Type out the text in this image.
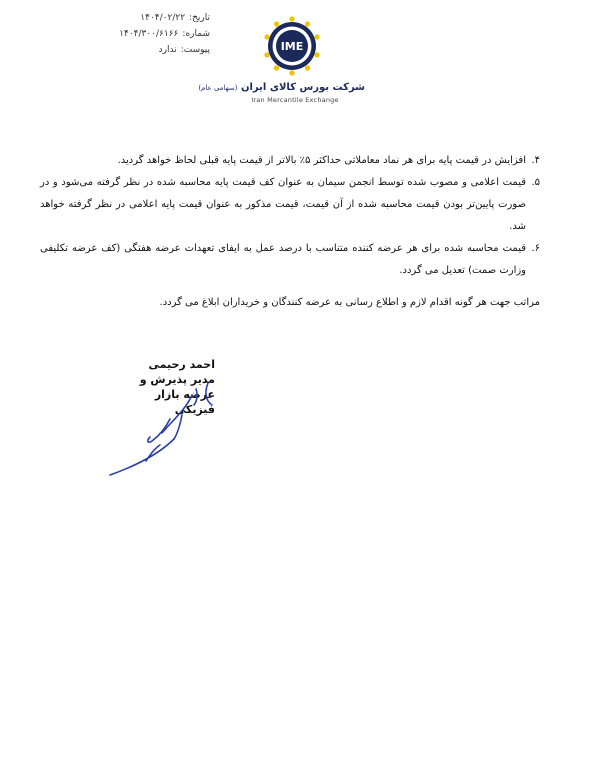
تاریخ:۱۴۰۴/۰۲/۲۲
شماره:۱۴۰۴/۳۰۰/۶۱۶۶
پیوست:ندارد	IME
شرکت بورس کالای ایران (سهامی عام)
Iran Mercantile Exchange
۴.
افزایش در قیمت پایه برای هر نماد معاملاتی حداکثر ۵٪ بالاتر از قیمت پایه قبلی لحاظ خواهد گردید.
۵.
قیمت اعلامی و مصوب شده توسط انجمن سیمان به عنوان کف قیمت پایه محاسبه شده در نظر گرفته می‌شود و در صورت پایین‌تر بودن قیمت محاسبه شده از آن قیمت، قیمت مذکور به عنوان قیمت پایه اعلامی در نظر گرفته خواهد شد.
۶.
قیمت محاسبه شده برای هر عرضه کننده متناسب با درصد عمل به ایفای تعهدات عرضه هفتگی (کف عرضه تکلیفی وزارت صمت) تعدیل می گردد.
مراتب جهت هر گونه اقدام لازم و اطلاع رسانی به عرضه کنندگان و خریداران ابلاغ می گردد.
احمد رحیمی
مدیر پذیرش و
عرضه بازار فیزیکی
